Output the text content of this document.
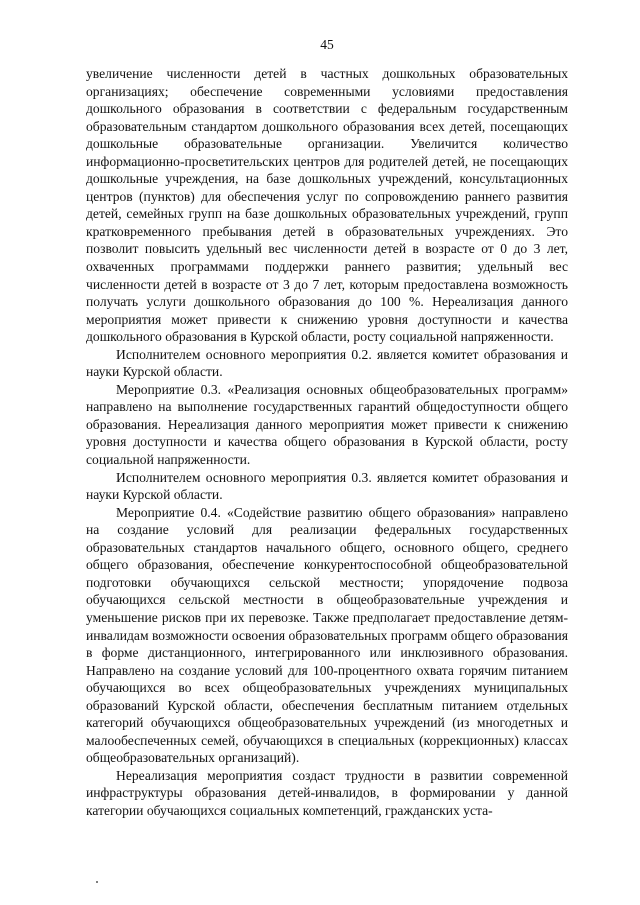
45

увеличение численности детей в частных дошкольных образовательных организациях; обеспечение современными условиями предоставления дошкольного образования в соответствии с федеральным государственным образовательным стандартом дошкольного образования всех детей, посещающих дошкольные образовательные организации. Увеличится количество информационно-просветительских центров для родителей детей, не посещающих дошкольные учреждения, на базе дошкольных учреждений, консультационных центров (пунктов) для обеспечения услуг по сопровождению раннего развития детей, семейных групп на базе дошкольных образовательных учреждений, групп кратковременного пребывания детей в образовательных учреждениях. Это позволит повысить удельный вес численности детей в возрасте от 0 до 3 лет, охваченных программами поддержки раннего развития; удельный вес численности детей в возрасте от 3 до 7 лет, которым предоставлена возможность получать услуги дошкольного образования до 100 %. Нереализация данного мероприятия может привести к снижению уровня доступности и качества дошкольного образования в Курской области, росту социальной напряженности.

Исполнителем основного мероприятия 0.2. является комитет образования и науки Курской области.

Мероприятие 0.3. «Реализация основных общеобразовательных программ» направлено на выполнение государственных гарантий общедоступности общего образования. Нереализация данного мероприятия может привести к снижению уровня доступности и качества общего образования в Курской области, росту социальной напряженности.

Исполнителем основного мероприятия 0.3. является комитет образования и науки Курской области.

Мероприятие 0.4. «Содействие развитию общего образования» направлено на создание условий для реализации федеральных государственных образовательных стандартов начального общего, основного общего, среднего общего образования, обеспечение конкурентоспособной общеобразовательной подготовки обучающихся сельской местности; упорядочение подвоза обучающихся сельской местности в общеобразовательные учреждения и уменьшение рисков при их перевозке. Также предполагает предоставление детям-инвалидам возможности освоения образовательных программ общего образования в форме дистанционного, интегрированного или инклюзивного образования. Направлено на создание условий для 100-процентного охвата горячим питанием обучающихся во всех общеобразовательных учреждениях муниципальных образований Курской области, обеспечения бесплатным питанием отдельных категорий обучающихся общеобразовательных учреждений (из многодетных и малообеспеченных семей, обучающихся в специальных (коррекционных) классах общеобразовательных организаций).

Нереализация мероприятия создаст трудности в развитии современной инфраструктуры образования детей-инвалидов, в формировании у данной категории обучающихся социальных компетенций, гражданских уста-
